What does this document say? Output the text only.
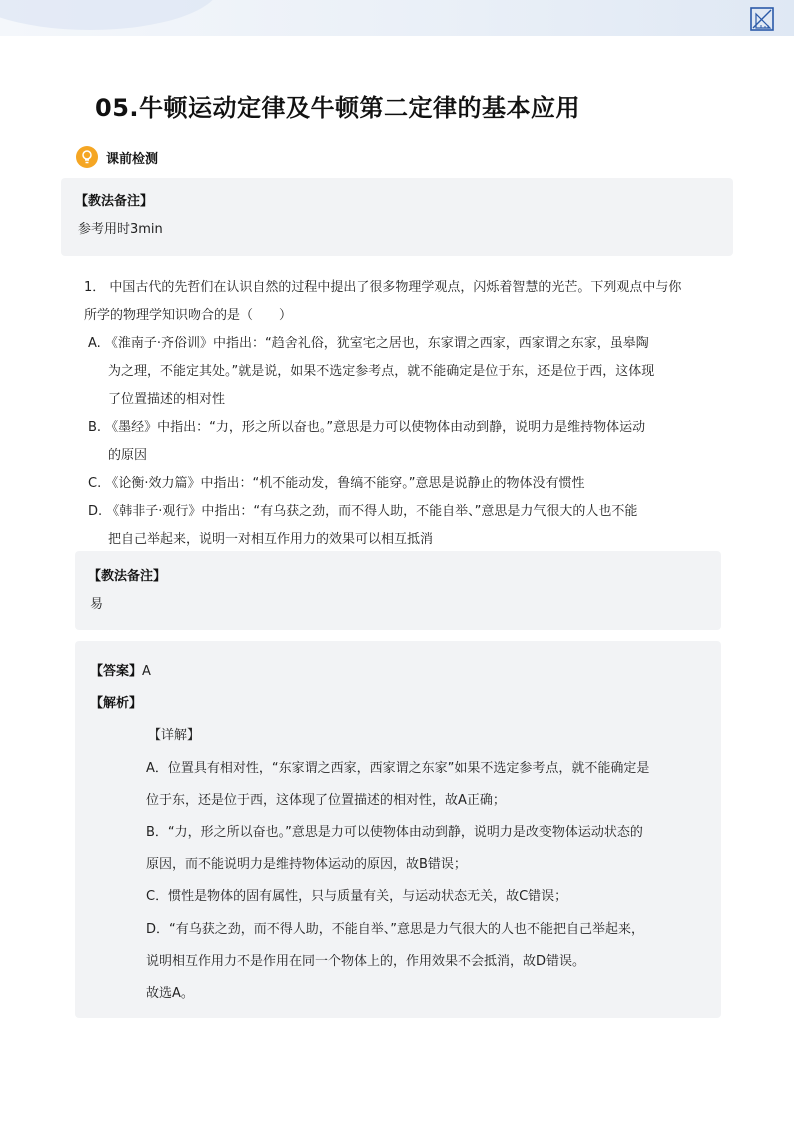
05.牛顿运动定律及牛顿第二定律的基本应用
课前检测
【教法备注】
参考用时3min
1． 中国古代的先哲们在认识自然的过程中提出了很多物理学观点，闪烁着智慧的光芒。下列观点中与你
所学的物理学知识吻合的是（　　）
A. 《淮南子·齐俗训》中指出：“趋舍礼俗，犹室宅之居也，东家谓之西家，西家谓之东家，虽皋陶
为之理，不能定其处。”就是说，如果不选定参考点，就不能确定是位于东，还是位于西，这体现
了位置描述的相对性
B. 《墨经》中指出：“力，形之所以奋也。”意思是力可以使物体由动到静，说明力是维持物体运动
的原因
C. 《论衡·效力篇》中指出：“机不能动发，鲁缟不能穿。”意思是说静止的物体没有惯性
D. 《韩非子·观行》中指出：“有乌获之劲，而不得人助，不能自举、”意思是力气很大的人也不能
把自己举起来，说明一对相互作用力的效果可以相互抵消
【教法备注】
易
【答案】A
【解析】
【详解】
A．位置具有相对性，“东家谓之西家，西家谓之东家”如果不选定参考点，就不能确定是
位于东，还是位于西，这体现了位置描述的相对性，故A正确；
B．“力，形之所以奋也。”意思是力可以使物体由动到静，说明力是改变物体运动状态的
原因，而不能说明力是维持物体运动的原因，故B错误；
C．惯性是物体的固有属性，只与质量有关，与运动状态无关，故C错误；
D．“有乌获之劲，而不得人助，不能自举、”意思是力气很大的人也不能把自己举起来，
说明相互作用力不是作用在同一个物体上的，作用效果不会抵消，故D错误。
故选A。
